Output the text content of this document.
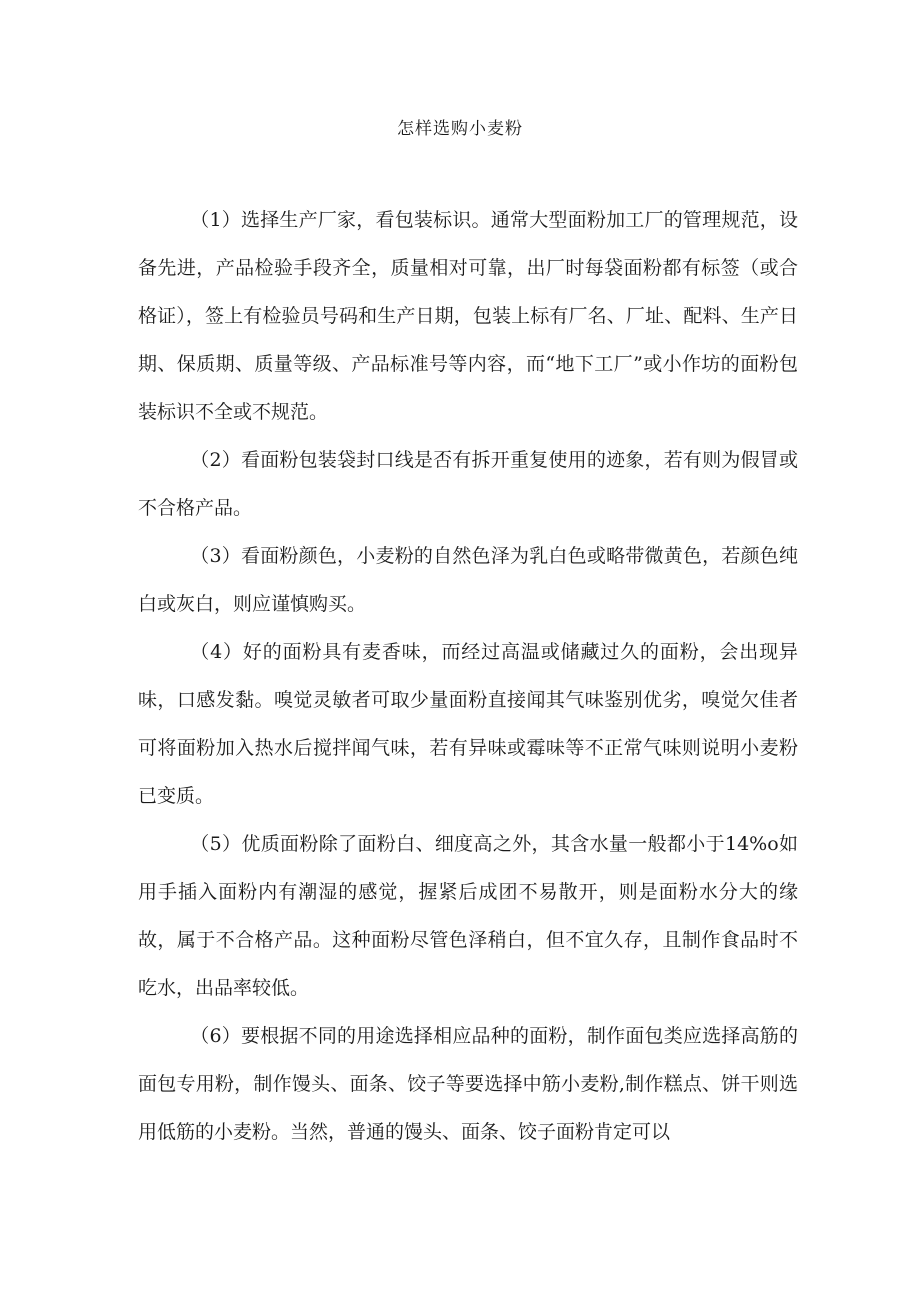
怎样选购小麦粉

（1）选择生产厂家，看包装标识。通常大型面粉加工厂的管理规范，设备先进，产品检验手段齐全，质量相对可靠，出厂时每袋面粉都有标签（或合格证），签上有检验员号码和生产日期，包装上标有厂名、厂址、配料、生产日期、保质期、质量等级、产品标准号等内容，而“地下工厂”或小作坊的面粉包装标识不全或不规范。

（2）看面粉包装袋封口线是否有拆开重复使用的迹象，若有则为假冒或不合格产品。

（3）看面粉颜色，小麦粉的自然色泽为乳白色或略带微黄色，若颜色纯白或灰白，则应谨慎购买。

（4）好的面粉具有麦香味，而经过高温或储藏过久的面粉，会出现异味，口感发黏。嗅觉灵敏者可取少量面粉直接闻其气味鉴别优劣，嗅觉欠佳者可将面粉加入热水后搅拌闻气味，若有异味或霉味等不正常气味则说明小麦粉已变质。

（5）优质面粉除了面粉白、细度高之外，其含水量一般都小于14%o如用手插入面粉内有潮湿的感觉，握紧后成团不易散开，则是面粉水分大的缘故，属于不合格产品。这种面粉尽管色泽稍白，但不宜久存，且制作食品时不吃水，出品率较低。

（6）要根据不同的用途选择相应品种的面粉，制作面包类应选择高筋的面包专用粉，制作馒头、面条、饺子等要选择中筋小麦粉,制作糕点、饼干则选用低筋的小麦粉。当然，普通的馒头、面条、饺子面粉肯定可以
